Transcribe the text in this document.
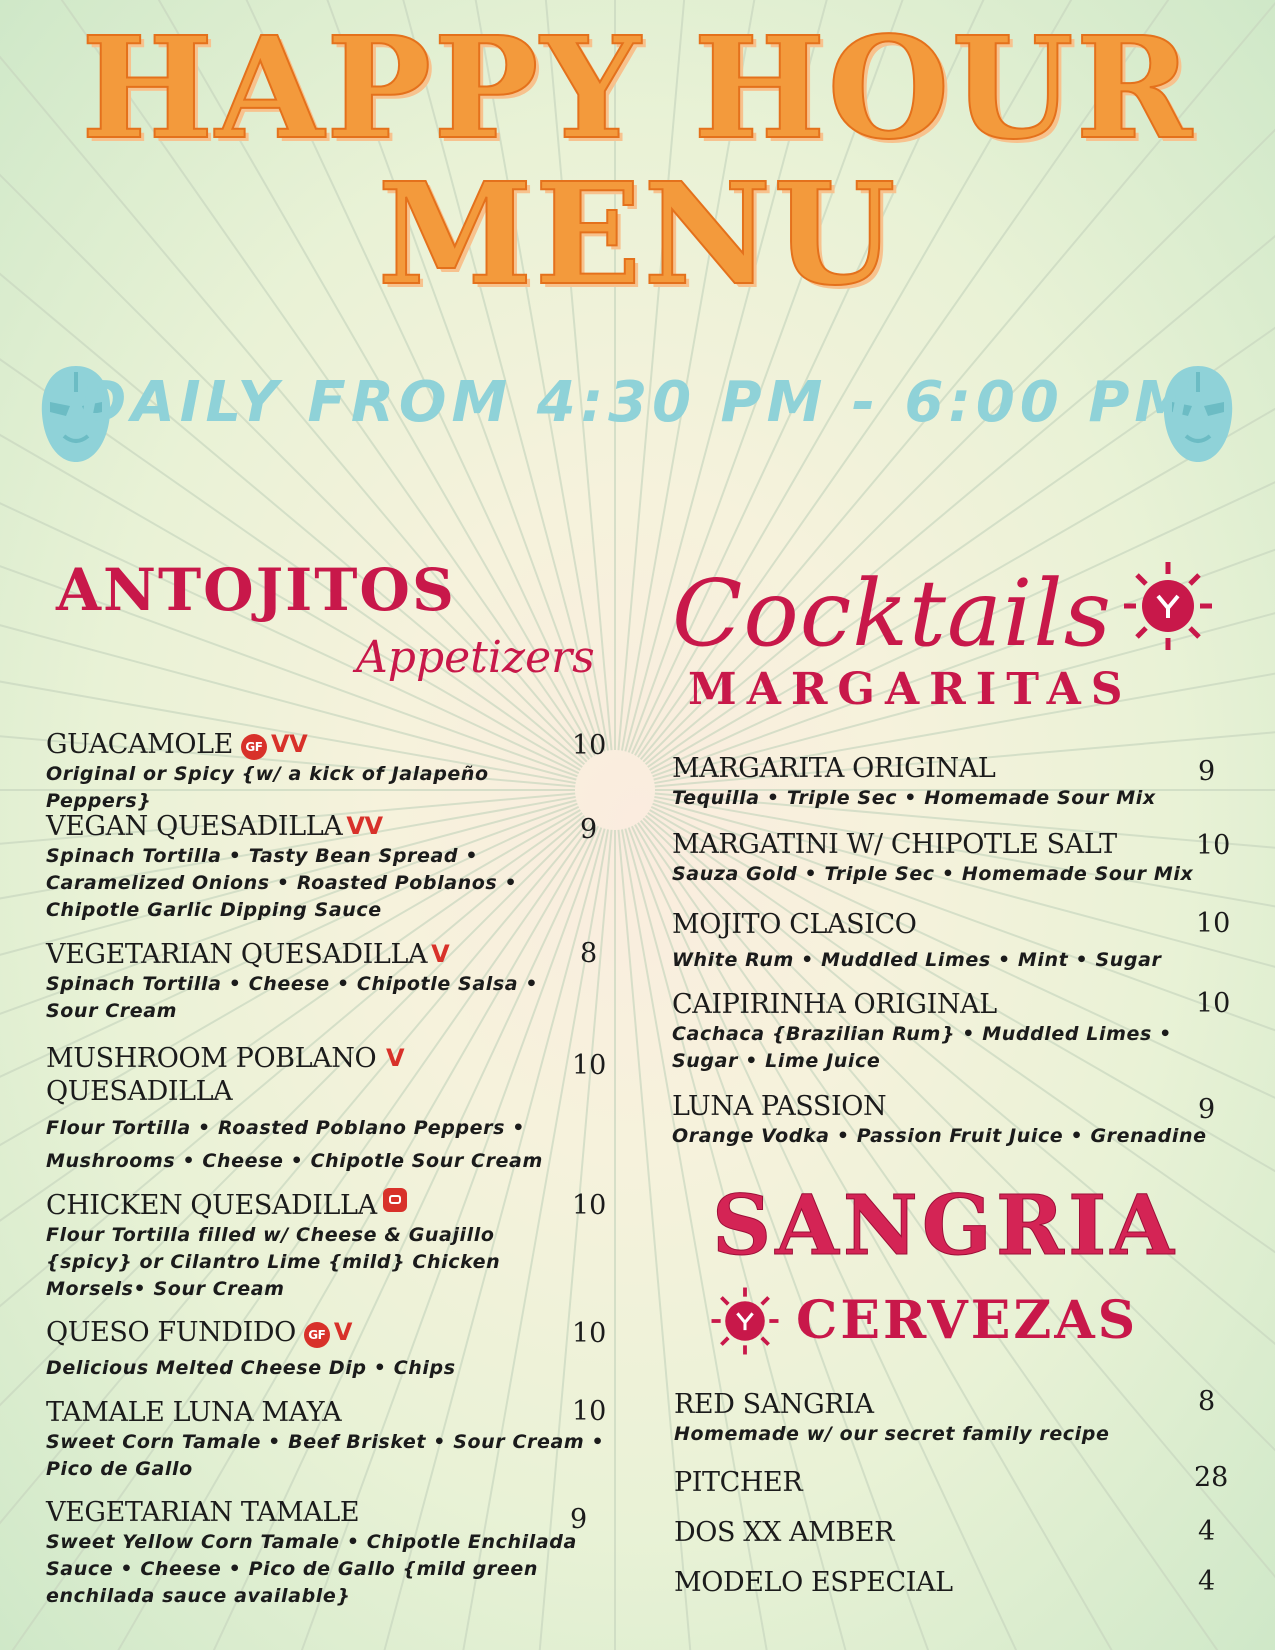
HAPPY HOUR
MENU
DAILY FROM 4:30 PM - 6:00 PM
ANTOJITOS
Appetizers Cocktails
MARGARITAS
GUACAMOLE GF VV
Original or Spicy {w/ a kick of Jalapeño Peppers}
10
VEGAN QUESADILLA VV
Spinach Tortilla • Tasty Bean Spread • Caramelized Onions • Roasted Poblanos • Chipotle Garlic Dipping Sauce
9
VEGETARIAN QUESADILLA V
Spinach Tortilla • Cheese • Chipotle Salsa • Sour Cream
8
MUSHROOM POBLANO QUESADILLA
Flour Tortilla • Roasted Poblano Peppers • Mushrooms • Cheese • Chipotle Sour Cream
V	10
CHICKEN QUESADILLA
Flour Tortilla filled w/ Cheese & Guajillo {spicy} or Cilantro Lime {mild} Chicken Morsels• Sour Cream
10
QUESO FUNDIDO GF V
Delicious Melted Cheese Dip • Chips
10
TAMALE LUNA MAYA
Sweet Corn Tamale • Beef Brisket • Sour Cream • Pico de Gallo
10
VEGETARIAN TAMALE
Sweet Yellow Corn Tamale • Chipotle Enchilada Sauce • Cheese • Pico de Gallo {mild green enchilada sauce available}
9
MARGARITA ORIGINAL
Tequilla • Triple Sec • Homemade Sour Mix
9
MARGATINI W/ CHIPOTLE SALT
Sauza Gold • Triple Sec • Homemade Sour Mix
10
MOJITO CLASICO
White Rum • Muddled Limes • Mint • Sugar
10
CAIPIRINHA ORIGINAL
Cachaca {Brazilian Rum} • Muddled Limes • Sugar • Lime Juice
10
LUNA PASSION
Orange Vodka • Passion Fruit Juice • Grenadine
9
SANGRIA
CERVEZAS
RED SANGRIA
Homemade w/ our secret family recipe
8
PITCHER	28
DOS XX AMBER	4
MODELO ESPECIAL	4
